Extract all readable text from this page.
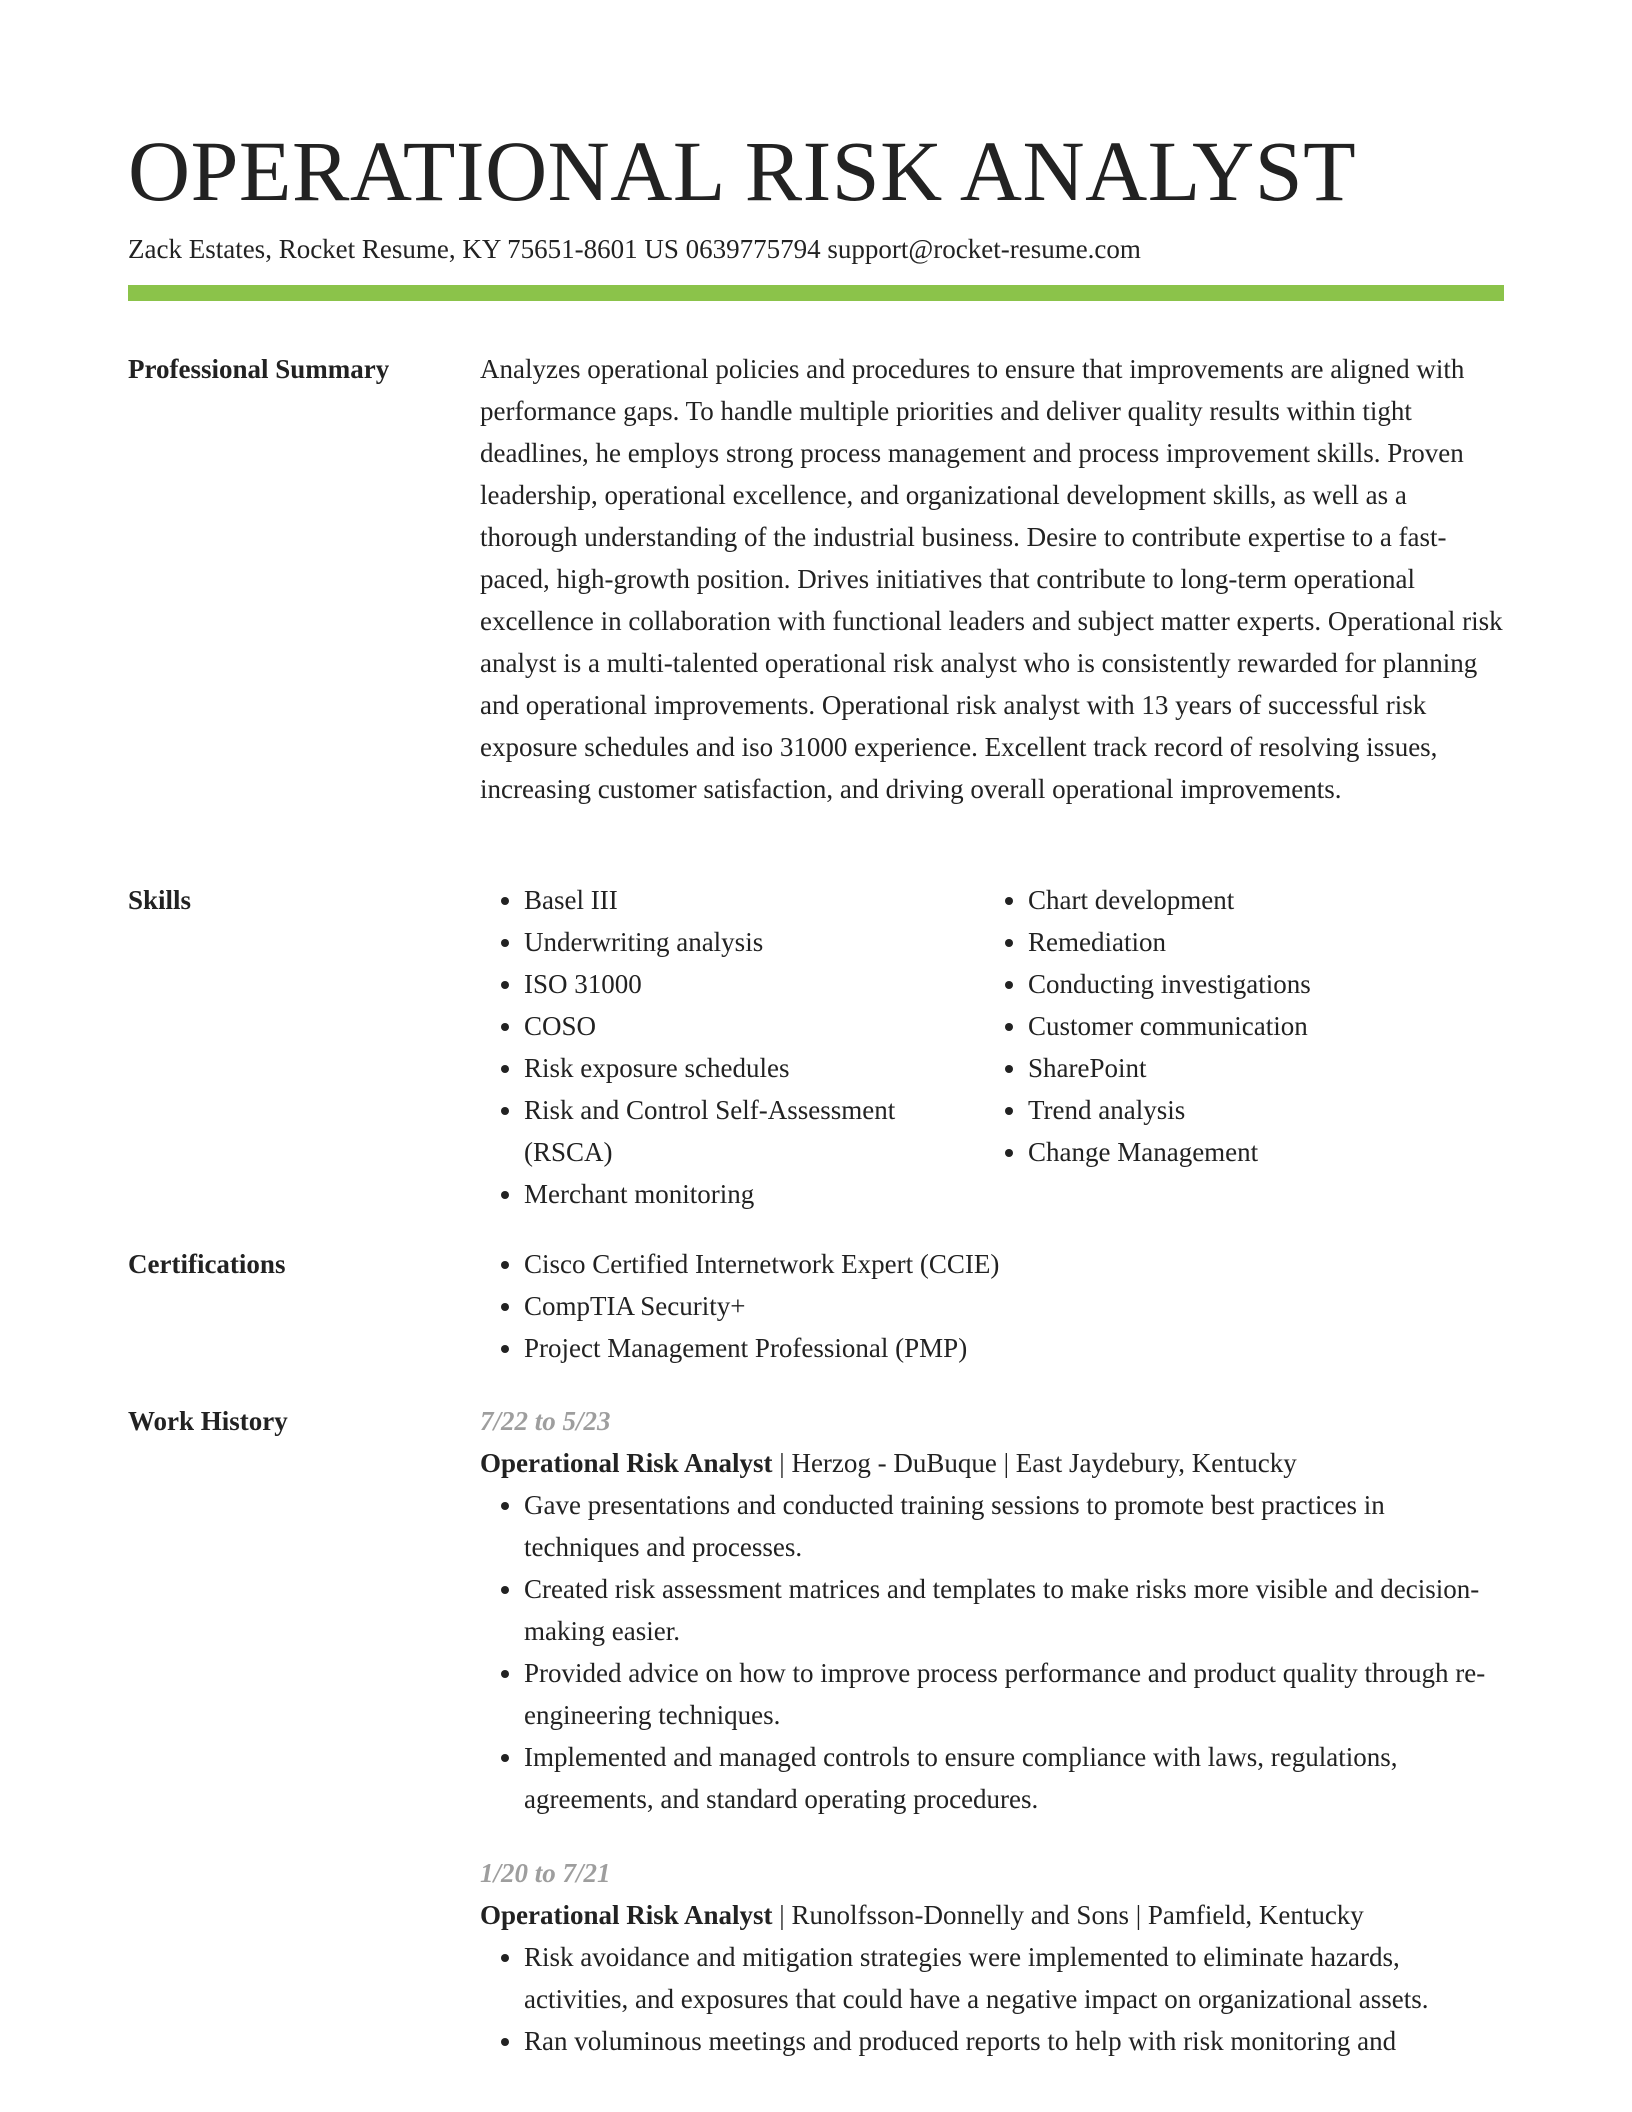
OPERATIONAL RISK ANALYST
Zack Estates, Rocket Resume, KY 75651-8601 US 0639775794 support@rocket-resume.com
Professional Summary	Analyzes operational policies and procedures to ensure that improvements are aligned with performance gaps. To handle multiple priorities and deliver quality results within tight deadlines, he employs strong process management and process improvement skills. Proven leadership, operational excellence, and organizational development skills, as well as a thorough understanding of the industrial business. Desire to contribute expertise to a fast-paced, high-growth position. Drives initiatives that contribute to long-term operational excellence in collaboration with functional leaders and subject matter experts. Operational risk analyst is a multi-talented operational risk analyst who is consistently rewarded for planning and operational improvements. Operational risk analyst with 13 years of successful risk exposure schedules and iso 31000 experience. Excellent track record of resolving issues, increasing customer satisfaction, and driving overall operational improvements.

Skills	• Basel III
• Underwriting analysis
• ISO 31000
• COSO
• Risk exposure schedules
• Risk and Control Self-Assessment (RSCA)
• Merchant monitoring
• Chart development
• Remediation
• Conducting investigations
• Customer communication
• SharePoint
• Trend analysis
• Change Management
Certifications	• Cisco Certified Internetwork Expert (CCIE)
• CompTIA Security+
• Project Management Professional (PMP)
Work History	7/22 to 5/23
Operational Risk Analyst | Herzog - DuBuque | East Jaydebury, Kentucky
• Gave presentations and conducted training sessions to promote best practices in techniques and processes.
• Created risk assessment matrices and templates to make risks more visible and decision-making easier.
• Provided advice on how to improve process performance and product quality through re-engineering techniques.
• Implemented and managed controls to ensure compliance with laws, regulations, agreements, and standard operating procedures.
1/20 to 7/21
Operational Risk Analyst | Runolfsson-Donnelly and Sons | Pamfield, Kentucky
• Risk avoidance and mitigation strategies were implemented to eliminate hazards, activities, and exposures that could have a negative impact on organizational assets.
• Ran voluminous meetings and produced reports to help with risk monitoring and
